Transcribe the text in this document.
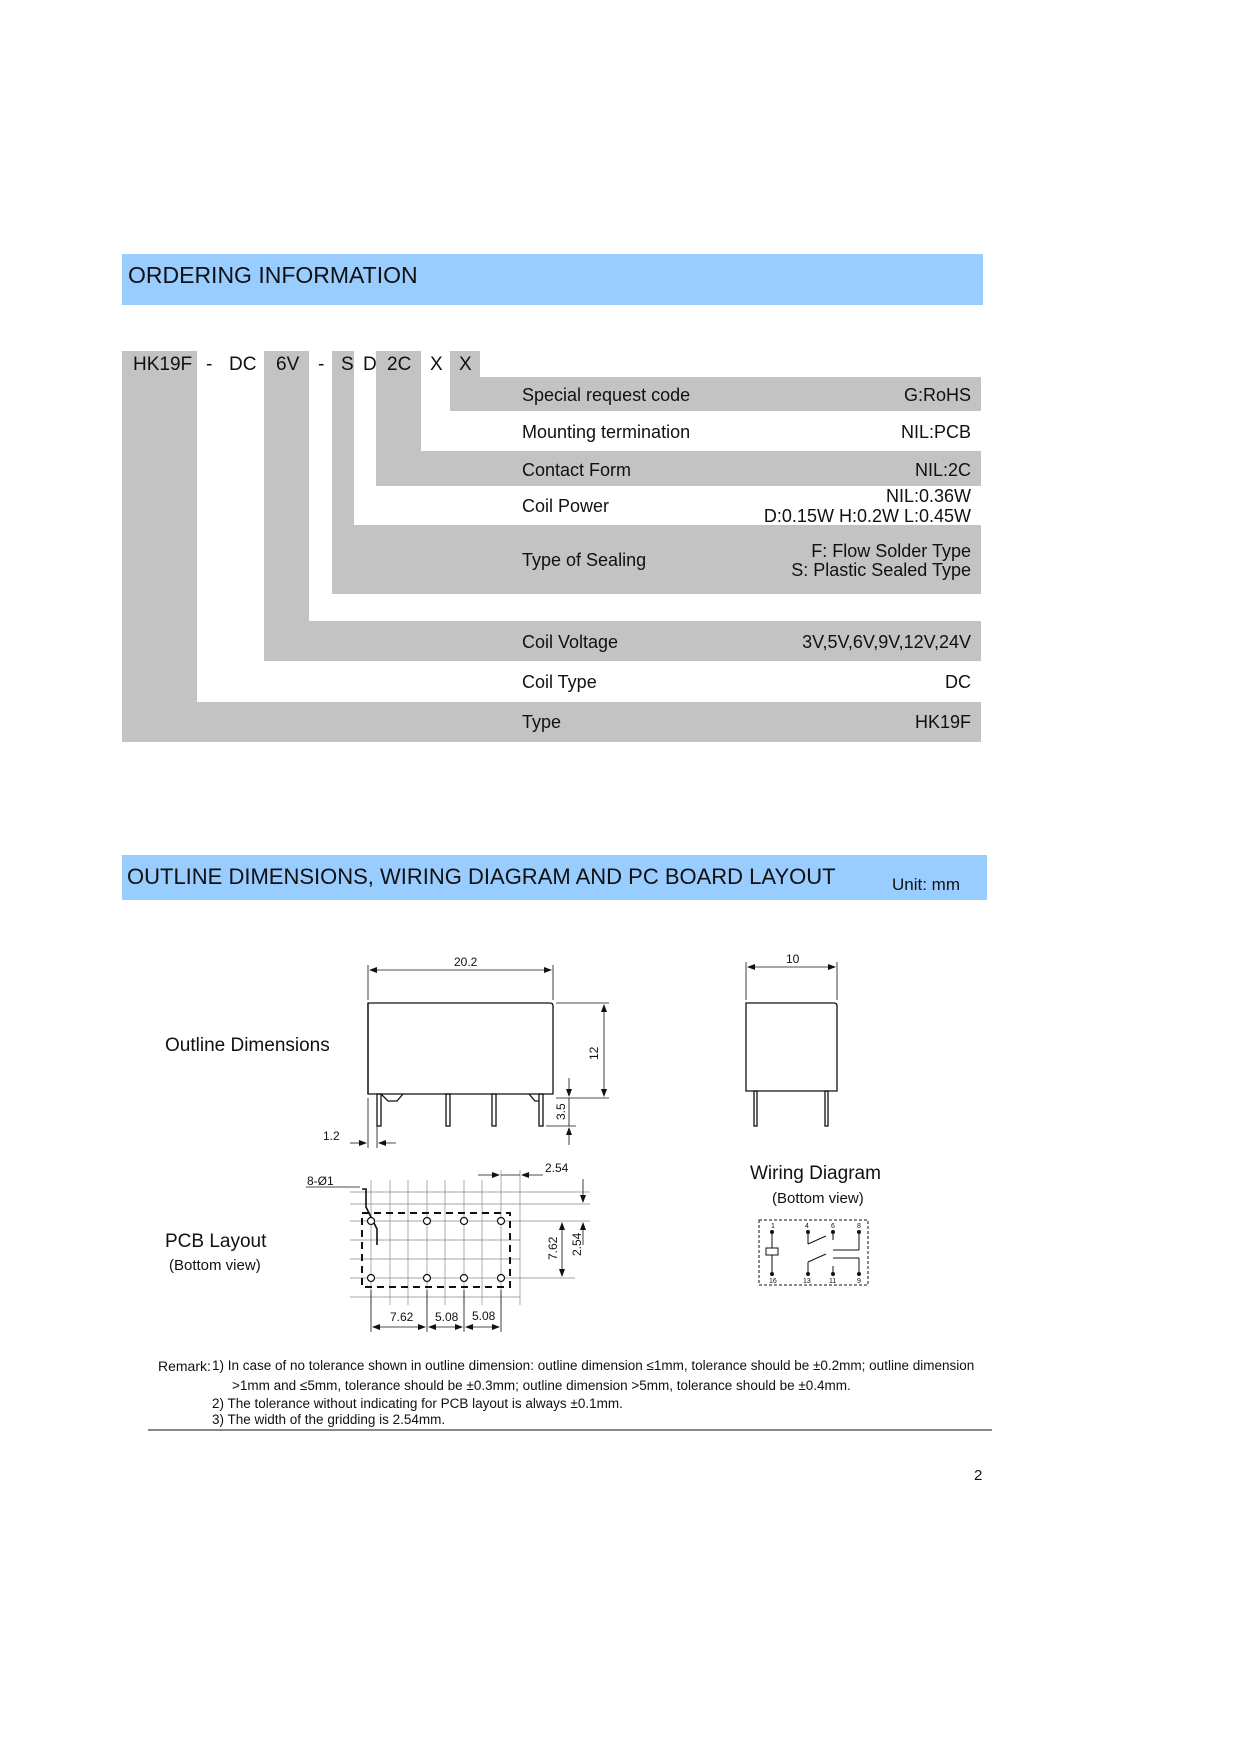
ORDERING INFORMATION
HK19F - DC 6V - S D 2C X X
Special request code	G:RoHS
Mounting termination	NIL:PCB
Contact Form	NIL:2C
Coil Power	NIL:0.36W
D:0.15W H:0.2W L:0.45W
Type of Sealing	F: Flow Solder Type
S: Plastic Sealed Type
Coil Voltage	3V,5V,6V,9V,12V,24V
Coil Type	DC
Type	HK19F
OUTLINE DIMENSIONS, WIRING DIAGRAM AND PC BOARD LAYOUT	Unit: mm
Outline Dimensions
PCB Layout
(Bottom view)
Wiring Diagram
(Bottom view)
20.2
12
3.5
1.2
10
8-Ø1
2.54
7.62 2.54
7.62 5.08 5.08
1	4	6	8
16	13	11	9
Remark: 1) In case of no tolerance shown in outline dimension: outline dimension ≤1mm, tolerance should be ±0.2mm; outline dimension
>1mm and ≤5mm, tolerance should be ±0.3mm; outline dimension >5mm, tolerance should be ±0.4mm.
2) The tolerance without indicating for PCB layout is always ±0.1mm.
3) The width of the gridding is 2.54mm.
2
